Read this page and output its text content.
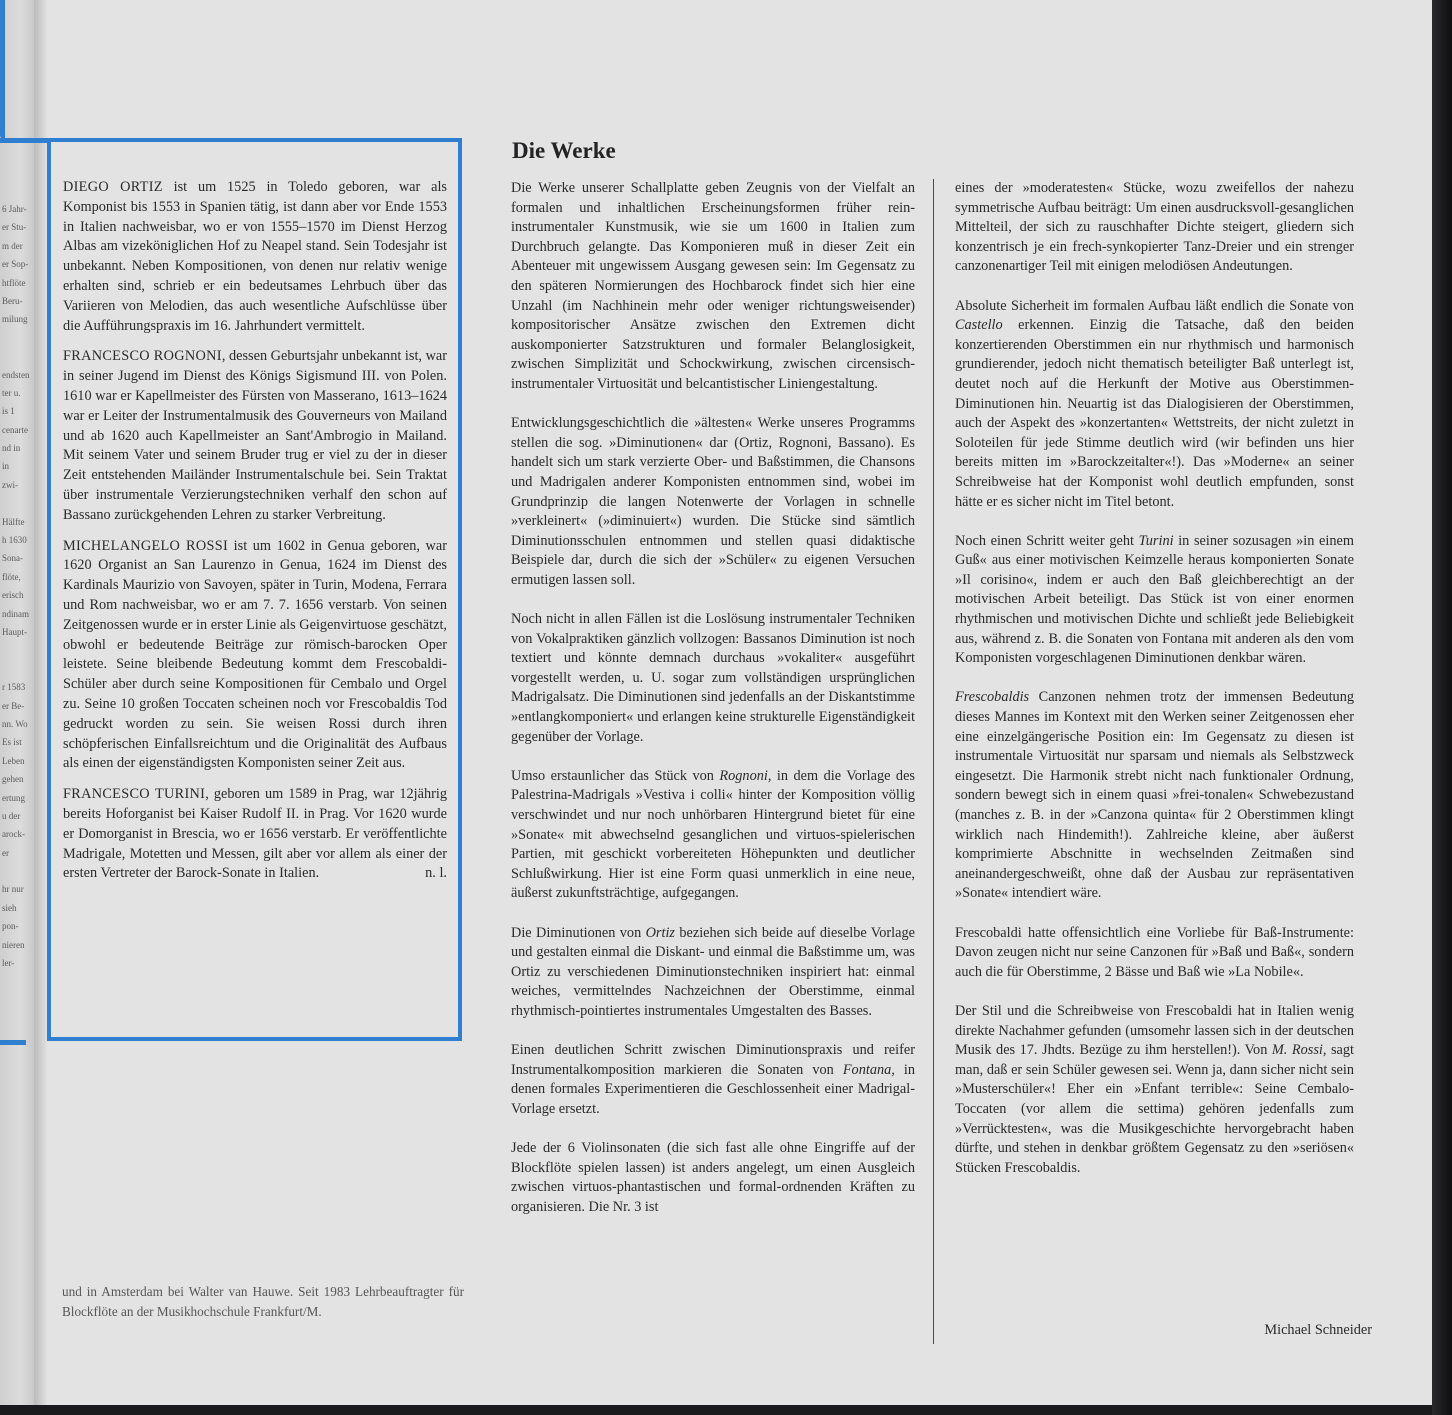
6 Jahr-
er Stu-
m der
er Sop-
htflöte
Beru-
milung
endsten
ter u.
is 1
cenarte
nd in
in
zwi-
Hälfte
h 1630
Sona-
flöte,
erisch
ndinam
Haupt-
r 1583
er Be-
nn. Wo
Es ist
Leben
gehen
ertung
u der
arock-
er
hr nur
sieh
pon-
nieren
ler-

DIEGO ORTIZ ist um 1525 in Toledo geboren, war als Komponist bis 1553 in Spanien tätig, ist dann aber vor Ende 1553 in Italien nachweisbar, wo er von 1555–1570 im Dienst Herzog Albas am vizeköniglichen Hof zu Neapel stand. Sein Todesjahr ist unbekannt. Neben Kompositionen, von denen nur relativ wenige erhalten sind, schrieb er ein bedeutsames Lehrbuch über das Variieren von Melodien, das auch wesentliche Aufschlüsse über die Aufführungspraxis im 16. Jahrhundert vermittelt.

FRANCESCO ROGNONI, dessen Geburtsjahr unbekannt ist, war in seiner Jugend im Dienst des Königs Sigismund III. von Polen. 1610 war er Kapellmeister des Fürsten von Masserano, 1613–1624 war er Leiter der Instrumentalmusik des Gouverneurs von Mailand und ab 1620 auch Kapellmeister an Sant'Ambrogio in Mailand. Mit seinem Vater und seinem Bruder trug er viel zu der in dieser Zeit entstehenden Mailänder Instrumentalschule bei. Sein Traktat über instrumentale Verzierungstechniken verhalf den schon auf Bassano zurückgehenden Lehren zu starker Verbreitung.

MICHELANGELO ROSSI ist um 1602 in Genua geboren, war 1620 Organist an San Laurenzo in Genua, 1624 im Dienst des Kardinals Maurizio von Savoyen, später in Turin, Modena, Ferrara und Rom nachweisbar, wo er am 7. 7. 1656 verstarb. Von seinen Zeitgenossen wurde er in erster Linie als Geigenvirtuose geschätzt, obwohl er bedeutende Beiträge zur römisch-barocken Oper leistete. Seine bleibende Bedeutung kommt dem Frescobaldi-Schüler aber durch seine Kompositionen für Cembalo und Orgel zu. Seine 10 großen Toccaten scheinen noch vor Frescobaldis Tod gedruckt worden zu sein. Sie weisen Rossi durch ihren schöpferischen Einfallsreichtum und die Originalität des Aufbaus als einen der eigenständigsten Komponisten seiner Zeit aus.

FRANCESCO TURINI, geboren um 1589 in Prag, war 12jährig bereits Hoforganist bei Kaiser Rudolf II. in Prag. Vor 1620 wurde er Domorganist in Brescia, wo er 1656 verstarb. Er veröffentlichte Madrigale, Motetten und Messen, gilt aber vor allem als einer der ersten Vertreter der Barock-Sonate in Italien.	n. l.

und in Amsterdam bei Walter van Hauwe. Seit 1983 Lehrbeauftragter für Blockflöte an der Musikhochschule Frankfurt/M.
Die Werke

Die Werke unserer Schallplatte geben Zeugnis von der Vielfalt an formalen und inhaltlichen Erscheinungsformen früher rein-instrumentaler Kunstmusik, wie sie um 1600 in Italien zum Durchbruch gelangte. Das Komponieren muß in dieser Zeit ein Abenteuer mit ungewissem Ausgang gewesen sein: Im Gegensatz zu den späteren Normierungen des Hochbarock findet sich hier eine Unzahl (im Nachhinein mehr oder weniger richtungsweisender) kompositorischer Ansätze zwischen den Extremen dicht auskomponierter Satzstrukturen und formaler Belanglosigkeit, zwischen Simplizität und Schockwirkung, zwischen circensisch-instrumentaler Virtuosität und belcantistischer Liniengestaltung.

Entwicklungsgeschichtlich die »ältesten« Werke unseres Programms stellen die sog. »Diminutionen« dar (Ortiz, Rognoni, Bassano). Es handelt sich um stark verzierte Ober- und Baßstimmen, die Chansons und Madrigalen anderer Komponisten entnommen sind, wobei im Grundprinzip die langen Notenwerte der Vorlagen in schnelle »verkleinert« (»diminuiert«) wurden. Die Stücke sind sämtlich Diminutionsschulen entnommen und stellen quasi didaktische Beispiele dar, durch die sich der »Schüler« zu eigenen Versuchen ermutigen lassen soll.

Noch nicht in allen Fällen ist die Loslösung instrumentaler Techniken von Vokalpraktiken gänzlich vollzogen: Bassanos Diminution ist noch textiert und könnte demnach durchaus »vokaliter« ausgeführt vorgestellt werden, u. U. sogar zum vollständigen ursprünglichen Madrigalsatz. Die Diminutionen sind jedenfalls an der Diskantstimme »entlangkomponiert« und erlangen keine strukturelle Eigenständigkeit gegenüber der Vorlage.

Umso erstaunlicher das Stück von Rognoni, in dem die Vorlage des Palestrina-Madrigals »Vestiva i colli« hinter der Komposition völlig verschwindet und nur noch unhörbaren Hintergrund bietet für eine »Sonate« mit abwechselnd gesanglichen und virtuos-spielerischen Partien, mit geschickt vorbereiteten Höhepunkten und deutlicher Schlußwirkung. Hier ist eine Form quasi unmerklich in eine neue, äußerst zukunftsträchtige, aufgegangen.

Die Diminutionen von Ortiz beziehen sich beide auf dieselbe Vorlage und gestalten einmal die Diskant- und einmal die Baßstimme um, was Ortiz zu verschiedenen Diminutionstechniken inspiriert hat: einmal weiches, vermittelndes Nachzeichnen der Oberstimme, einmal rhythmisch-pointiertes instrumentales Umgestalten des Basses.

Einen deutlichen Schritt zwischen Diminutionspraxis und reifer Instrumentalkomposition markieren die Sonaten von Fontana, in denen formales Experimentieren die Geschlossenheit einer Madrigal-Vorlage ersetzt.

Jede der 6 Violinsonaten (die sich fast alle ohne Eingriffe auf der Blockflöte spielen lassen) ist anders angelegt, um einen Ausgleich zwischen virtuos-phantastischen und formal-ordnenden Kräften zu organisieren. Die Nr. 3 ist

eines der »moderatesten« Stücke, wozu zweifellos der nahezu symmetrische Aufbau beiträgt: Um einen ausdrucksvoll-gesanglichen Mittelteil, der sich zu rauschhafter Dichte steigert, gliedern sich konzentrisch je ein frech-synkopierter Tanz-Dreier und ein strenger canzonenartiger Teil mit einigen melodiösen Andeutungen.

Absolute Sicherheit im formalen Aufbau läßt endlich die Sonate von Castello erkennen. Einzig die Tatsache, daß den beiden konzertierenden Oberstimmen ein nur rhythmisch und harmonisch grundierender, jedoch nicht thematisch beteiligter Baß unterlegt ist, deutet noch auf die Herkunft der Motive aus Oberstimmen-Diminutionen hin. Neuartig ist das Dialogisieren der Oberstimmen, auch der Aspekt des »konzertanten« Wettstreits, der nicht zuletzt in Soloteilen für jede Stimme deutlich wird (wir befinden uns hier bereits mitten im »Barockzeitalter«!). Das »Moderne« an seiner Schreibweise hat der Komponist wohl deutlich empfunden, sonst hätte er es sicher nicht im Titel betont.

Noch einen Schritt weiter geht Turini in seiner sozusagen »in einem Guß« aus einer motivischen Keimzelle heraus komponierten Sonate »Il corisino«, indem er auch den Baß gleichberechtigt an der motivischen Arbeit beteiligt. Das Stück ist von einer enormen rhythmischen und motivischen Dichte und schließt jede Beliebigkeit aus, während z. B. die Sonaten von Fontana mit anderen als den vom Komponisten vorgeschlagenen Diminutionen denkbar wären.

Frescobaldis Canzonen nehmen trotz der immensen Bedeutung dieses Mannes im Kontext mit den Werken seiner Zeitgenossen eher eine einzelgängerische Position ein: Im Gegensatz zu diesen ist instrumentale Virtuosität nur sparsam und niemals als Selbstzweck eingesetzt. Die Harmonik strebt nicht nach funktionaler Ordnung, sondern bewegt sich in einem quasi »frei-tonalen« Schwebezustand (manches z. B. in der »Canzona quinta« für 2 Oberstimmen klingt wirklich nach Hindemith!). Zahlreiche kleine, aber äußerst komprimierte Abschnitte in wechselnden Zeitmaßen sind aneinandergeschweißt, ohne daß der Ausbau zur repräsentativen »Sonate« intendiert wäre.

Frescobaldi hatte offensichtlich eine Vorliebe für Baß-Instrumente: Davon zeugen nicht nur seine Canzonen für »Baß und Baß«, sondern auch die für Oberstimme, 2 Bässe und Baß wie »La Nobile«.

Der Stil und die Schreibweise von Frescobaldi hat in Italien wenig direkte Nachahmer gefunden (umsomehr lassen sich in der deutschen Musik des 17. Jhdts. Bezüge zu ihm herstellen!). Von M. Rossi, sagt man, daß er sein Schüler gewesen sei. Wenn ja, dann sicher nicht sein »Musterschüler«! Eher ein »Enfant terrible«: Seine Cembalo-Toccaten (vor allem die settima) gehören jedenfalls zum »Verrücktesten«, was die Musikgeschichte hervorgebracht haben dürfte, und stehen in denkbar größtem Gegensatz zu den »seriösen« Stücken Frescobaldis.

Michael Schneider
